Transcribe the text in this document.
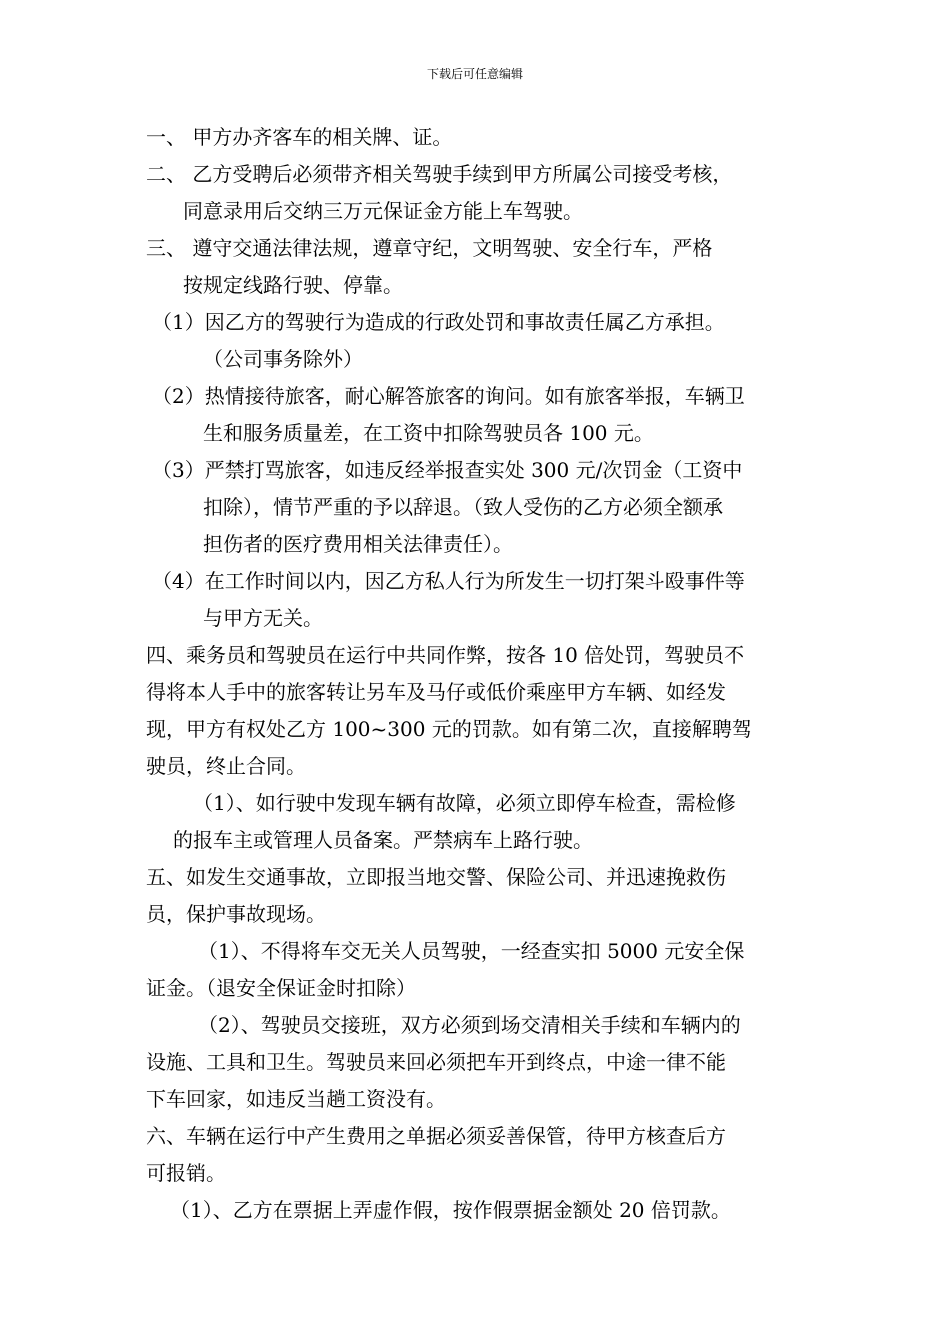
下载后可任意编辑
一、 甲方办齐客车的相关牌、证。
二、 乙方受聘后必须带齐相关驾驶手续到甲方所属公司接受考核，
同意录用后交纳三万元保证金方能上车驾驶。
三、 遵守交通法律法规，遵章守纪，文明驾驶、安全行车，严格
按规定线路行驶、停靠。
（1）因乙方的驾驶行为造成的行政处罚和事故责任属乙方承担。
（公司事务除外）
（2）热情接待旅客，耐心解答旅客的询问。如有旅客举报，车辆卫
生和服务质量差，在工资中扣除驾驶员各 100 元。
（3）严禁打骂旅客，如违反经举报查实处 300 元/次罚金（工资中
扣除），情节严重的予以辞退。（致人受伤的乙方必须全额承
担伤者的医疗费用相关法律责任）。
（4）在工作时间以内，因乙方私人行为所发生一切打架斗殴事件等
与甲方无关。
四、乘务员和驾驶员在运行中共同作弊，按各 10 倍处罚，驾驶员不
得将本人手中的旅客转让另车及马仔或低价乘座甲方车辆、如经发
现，甲方有权处乙方 100~300 元的罚款。如有第二次，直接解聘驾
驶员，终止合同。
（1）、如行驶中发现车辆有故障，必须立即停车检查，需检修
的报车主或管理人员备案。严禁病车上路行驶。
五、如发生交通事故，立即报当地交警、保险公司、并迅速挽救伤
员，保护事故现场。
（1）、不得将车交无关人员驾驶，一经查实扣 5000 元安全保
证金。（退安全保证金时扣除）
（2）、驾驶员交接班，双方必须到场交清相关手续和车辆内的
设施、工具和卫生。驾驶员来回必须把车开到终点，中途一律不能
下车回家，如违反当趟工资没有。
六、车辆在运行中产生费用之单据必须妥善保管，待甲方核查后方
可报销。
（1）、乙方在票据上弄虚作假，按作假票据金额处 20 倍罚款。
